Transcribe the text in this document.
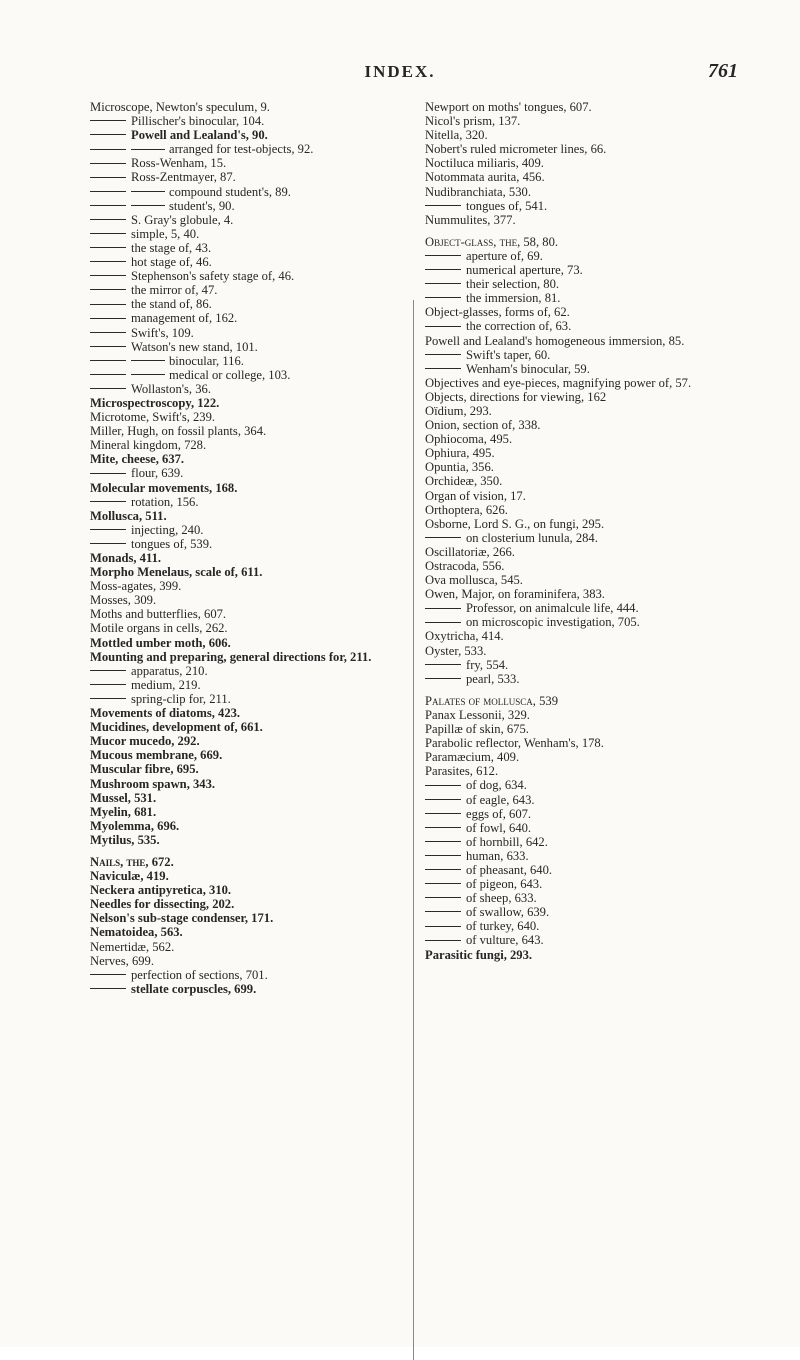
INDEX.	761
Microscope, Newton's speculum, 9.
Pillischer's binocular, 104.
Powell and Lealand's, 90.
arranged for test-objects, 92.
Ross-Wenham, 15.
Ross-Zentmayer, 87.
compound student's, 89.
student's, 90.
S. Gray's globule, 4.
simple, 5, 40.
the stage of, 43.
hot stage of, 46.
Stephenson's safety stage of, 46.
the mirror of, 47.
the stand of, 86.
management of, 162.
Swift's, 109.
Watson's new stand, 101.
binocular, 116.
medical or college, 103.
Wollaston's, 36.
Microspectroscopy, 122.
Microtome, Swift's, 239.
Miller, Hugh, on fossil plants, 364.
Mineral kingdom, 728.
Mite, cheese, 637.
flour, 639.
Molecular movements, 168.
rotation, 156.
Mollusca, 511.
injecting, 240.
tongues of, 539.
Monads, 411.
Morpho Menelaus, scale of, 611.
Moss-agates, 399.
Mosses, 309.
Moths and butterflies, 607.
Motile organs in cells, 262.
Mottled umber moth, 606.
Mounting and preparing, general directions for, 211.
apparatus, 210.
medium, 219.
spring-clip for, 211.
Movements of diatoms, 423.
Mucidines, development of, 661.
Mucor mucedo, 292.
Mucous membrane, 669.
Muscular fibre, 695.
Mushroom spawn, 343.
Mussel, 531.
Myelin, 681.
Myolemma, 696.
Mytilus, 535.
Nails, the, 672.
Naviculæ, 419.
Neckera antipyretica, 310.
Needles for dissecting, 202.
Nelson's sub-stage condenser, 171.
Nematoidea, 563.
Nemertidæ, 562.
Nerves, 699.
perfection of sections, 701.
stellate corpuscles, 699.
Newport on moths' tongues, 607.
Nicol's prism, 137.
Nitella, 320.
Nobert's ruled micrometer lines, 66.
Noctiluca miliaris, 409.
Notommata aurita, 456.
Nudibranchiata, 530.
tongues of, 541.
Nummulites, 377.
Object-glass, the, 58, 80.
aperture of, 69.
numerical aperture, 73.
their selection, 80.
the immersion, 81.
Object-glasses, forms of, 62.
the correction of, 63.
Powell and Lealand's homogeneous immersion, 85.
Swift's taper, 60.
Wenham's binocular, 59.
Objectives and eye-pieces, magnifying power of, 57.
Objects, directions for viewing, 162
Oïdium, 293.
Onion, section of, 338.
Ophiocoma, 495.
Ophiura, 495.
Opuntia, 356.
Orchideæ, 350.
Organ of vision, 17.
Orthoptera, 626.
Osborne, Lord S. G., on fungi, 295.
on closterium lunula, 284.
Oscillatoriæ, 266.
Ostracoda, 556.
Ova mollusca, 545.
Owen, Major, on foraminifera, 383.
Professor, on animalcule life, 444.
on microscopic investigation, 705.
Oxytricha, 414.
Oyster, 533.
fry, 554.
pearl, 533.
Palates of mollusca, 539
Panax Lessonii, 329.
Papillæ of skin, 675.
Parabolic reflector, Wenham's, 178.
Paramæcium, 409.
Parasites, 612.
of dog, 634.
of eagle, 643.
eggs of, 607.
of fowl, 640.
of hornbill, 642.
human, 633.
of pheasant, 640.
of pigeon, 643.
of sheep, 633.
of swallow, 639.
of turkey, 640.
of vulture, 643.
Parasitic fungi, 293.
